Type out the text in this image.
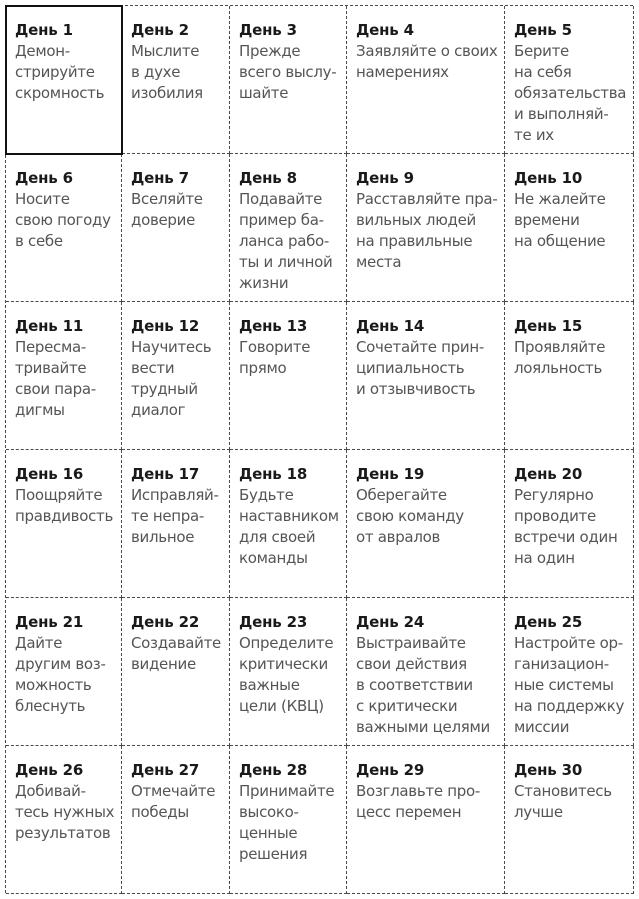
День 1
Демон-
стрируйте
скромность
День 2
Мыслите
в духе
изобилия
День 3
Прежде
всего выслу-
шайте
День 4
Заявляйте о своих
намерениях
День 5
Берите
на себя
обязательства
и выполняй-
те их
День 6
Носите
свою погоду
в себе
День 7
Вселяйте
доверие
День 8
Подавайте
пример ба-
ланса рабо-
ты и личной
жизни
День 9
Расставляйте пра-
вильных людей
на правильные
места
День 10
Не жалейте
времени
на общение
День 11
Пересма-
тривайте
свои пара-
дигмы
День 12
Научитесь
вести
трудный
диалог
День 13
Говорите
прямо
День 14
Сочетайте прин-
ципиальность
и отзывчивость
День 15
Проявляйте
лояльность
День 16
Поощряйте
правдивость
День 17
Исправляй-
те непра-
вильное
День 18
Будьте
наставником
для своей
команды
День 19
Оберегайте
свою команду
от авралов
День 20
Регулярно
проводите
встречи один
на один
День 21
Дайте
другим воз-
можность
блеснуть
День 22
Создавайте
видение
День 23
Определите
критически
важные
цели (КВЦ)
День 24
Выстраивайте
свои действия
в соответствии
с критически
важными целями
День 25
Настройте ор-
ганизацион-
ные системы
на поддержку
миссии
День 26
Добивай-
тесь нужных
результатов
День 27
Отмечайте
победы
День 28
Принимайте
высоко-
ценные
решения
День 29
Возглавьте про-
цесс перемен
День 30
Становитесь
лучше
